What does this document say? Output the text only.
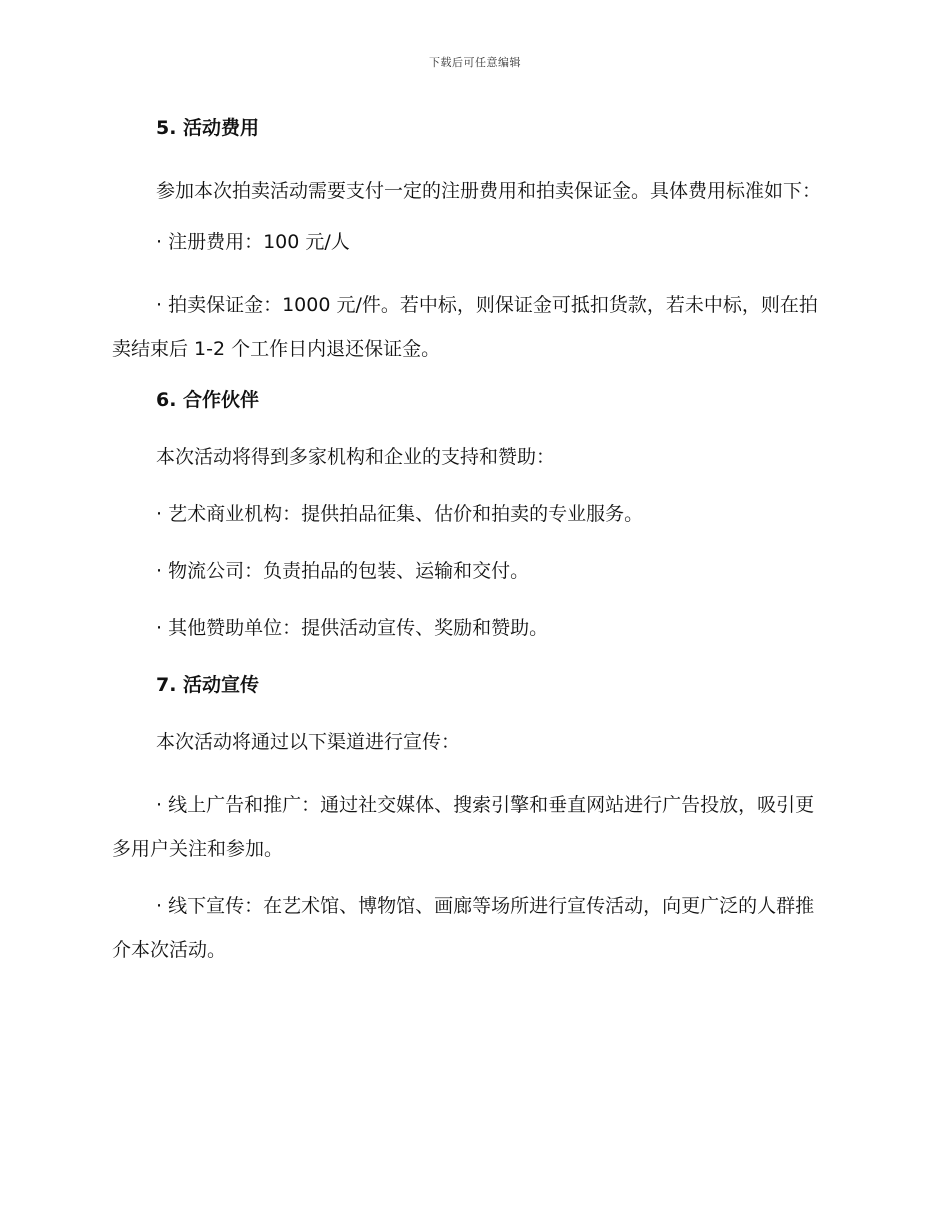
下载后可任意编辑
5. 活动费用
参加本次拍卖活动需要支付一定的注册费用和拍卖保证金。具体费用标准如下：
· 注册费用：100 元/人
· 拍卖保证金：1000 元/件。若中标，则保证金可抵扣货款，若未中标，则在拍卖结束后 1-2 个工作日内退还保证金。
6. 合作伙伴
本次活动将得到多家机构和企业的支持和赞助：
· 艺术商业机构：提供拍品征集、估价和拍卖的专业服务。
· 物流公司：负责拍品的包装、运输和交付。
· 其他赞助单位：提供活动宣传、奖励和赞助。
7. 活动宣传
本次活动将通过以下渠道进行宣传：
· 线上广告和推广：通过社交媒体、搜索引擎和垂直网站进行广告投放，吸引更多用户关注和参加。
· 线下宣传：在艺术馆、博物馆、画廊等场所进行宣传活动，向更广泛的人群推介本次活动。
